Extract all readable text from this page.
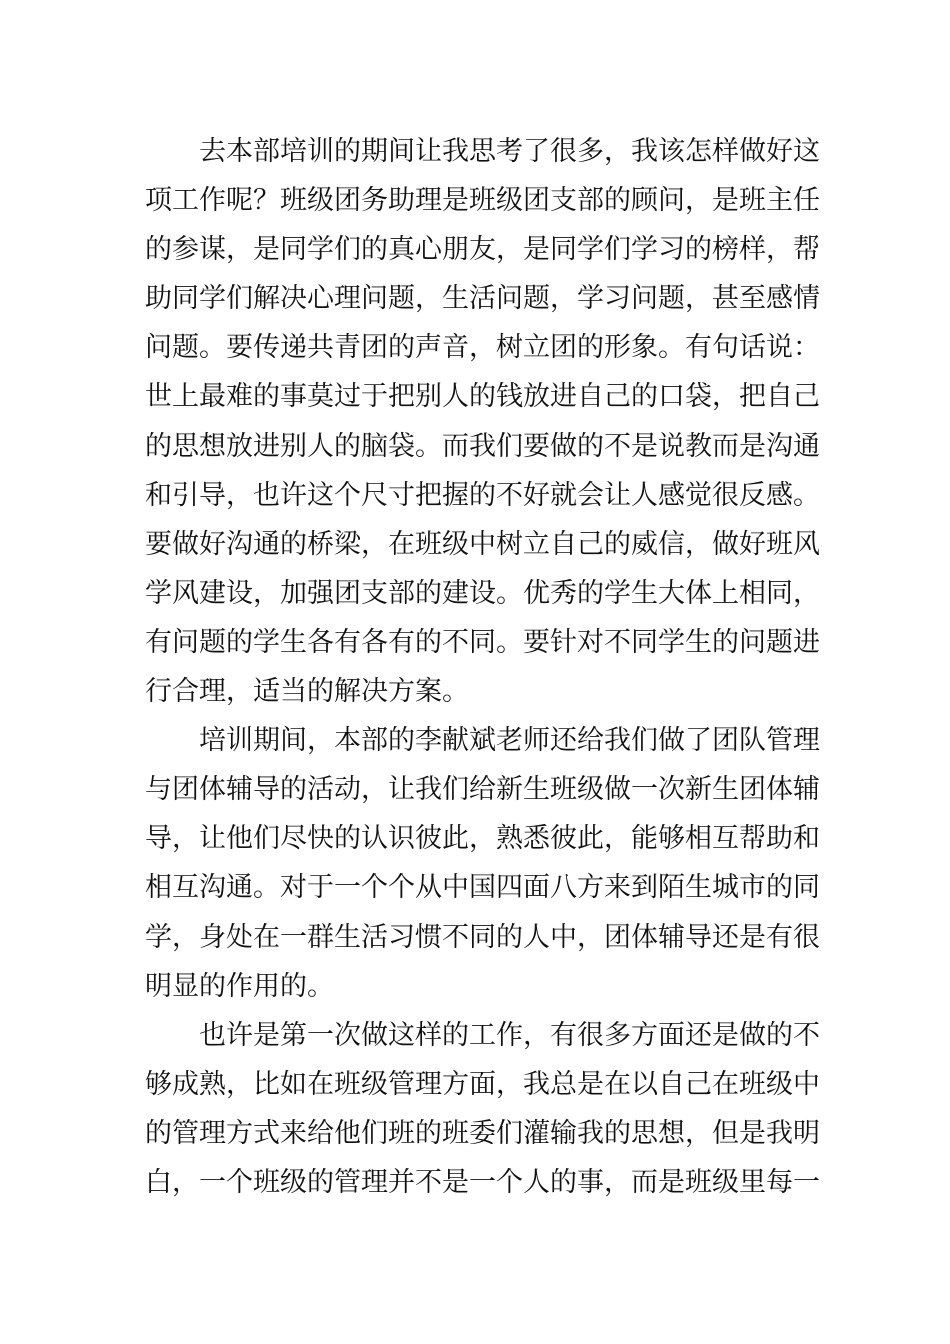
去本部培训的期间让我思考了很多，我该怎样做好这
项工作呢？班级团务助理是班级团支部的顾问，是班主任
的参谋，是同学们的真心朋友，是同学们学习的榜样，帮
助同学们解决心理问题，生活问题，学习问题，甚至感情
问题。要传递共青团的声音，树立团的形象。有句话说：
世上最难的事莫过于把别人的钱放进自己的口袋，把自己
的思想放进别人的脑袋。而我们要做的不是说教而是沟通
和引导，也许这个尺寸把握的不好就会让人感觉很反感。
要做好沟通的桥梁，在班级中树立自己的威信，做好班风
学风建设，加强团支部的建设。优秀的学生大体上相同，
有问题的学生各有各有的不同。要针对不同学生的问题进
行合理，适当的解决方案。
培训期间，本部的李献斌老师还给我们做了团队管理
与团体辅导的活动，让我们给新生班级做一次新生团体辅
导，让他们尽快的认识彼此，熟悉彼此，能够相互帮助和
相互沟通。对于一个个从中国四面八方来到陌生城市的同
学，身处在一群生活习惯不同的人中，团体辅导还是有很
明显的作用的。
也许是第一次做这样的工作，有很多方面还是做的不
够成熟，比如在班级管理方面，我总是在以自己在班级中
的管理方式来给他们班的班委们灌输我的思想，但是我明
白，一个班级的管理并不是一个人的事，而是班级里每一
